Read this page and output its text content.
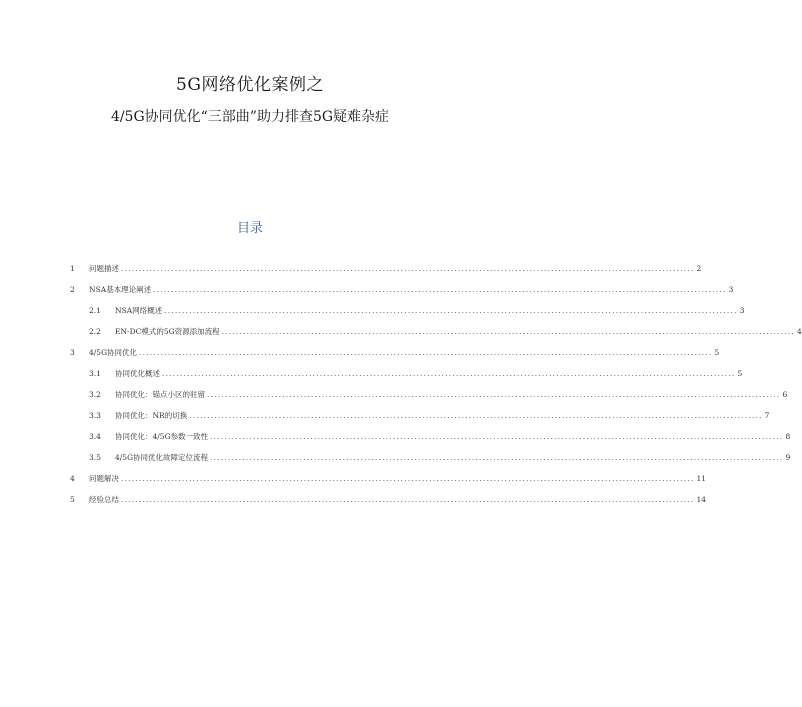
5G网络优化案例之
4/5G协同优化“三部曲”助力排查5G疑难杂症
目录
1	问题描述 ................................................................................................................................................................ 2
2	NSA基本理论阐述 ................................................................................................................................................................ 3
2.1	NSA网络概述 ................................................................................................................................................................ 3
2.2	EN-DC模式的5G资源添加流程 ................................................................................................................................................................ 4
3	4/5G协同优化 ................................................................................................................................................................ 5
3.1	协同优化概述 ................................................................................................................................................................ 5
3.2	协同优化：锚点小区的驻留 ................................................................................................................................................................ 6
3.3	协同优化：NR的切换 ................................................................................................................................................................ 7
3.4	协同优化：4/5G参数一致性 ................................................................................................................................................................ 8
3.5	4/5G协同优化故障定位流程 ................................................................................................................................................................ 9
4	问题解决 ................................................................................................................................................................ 11
5	经验总结 ................................................................................................................................................................ 14
